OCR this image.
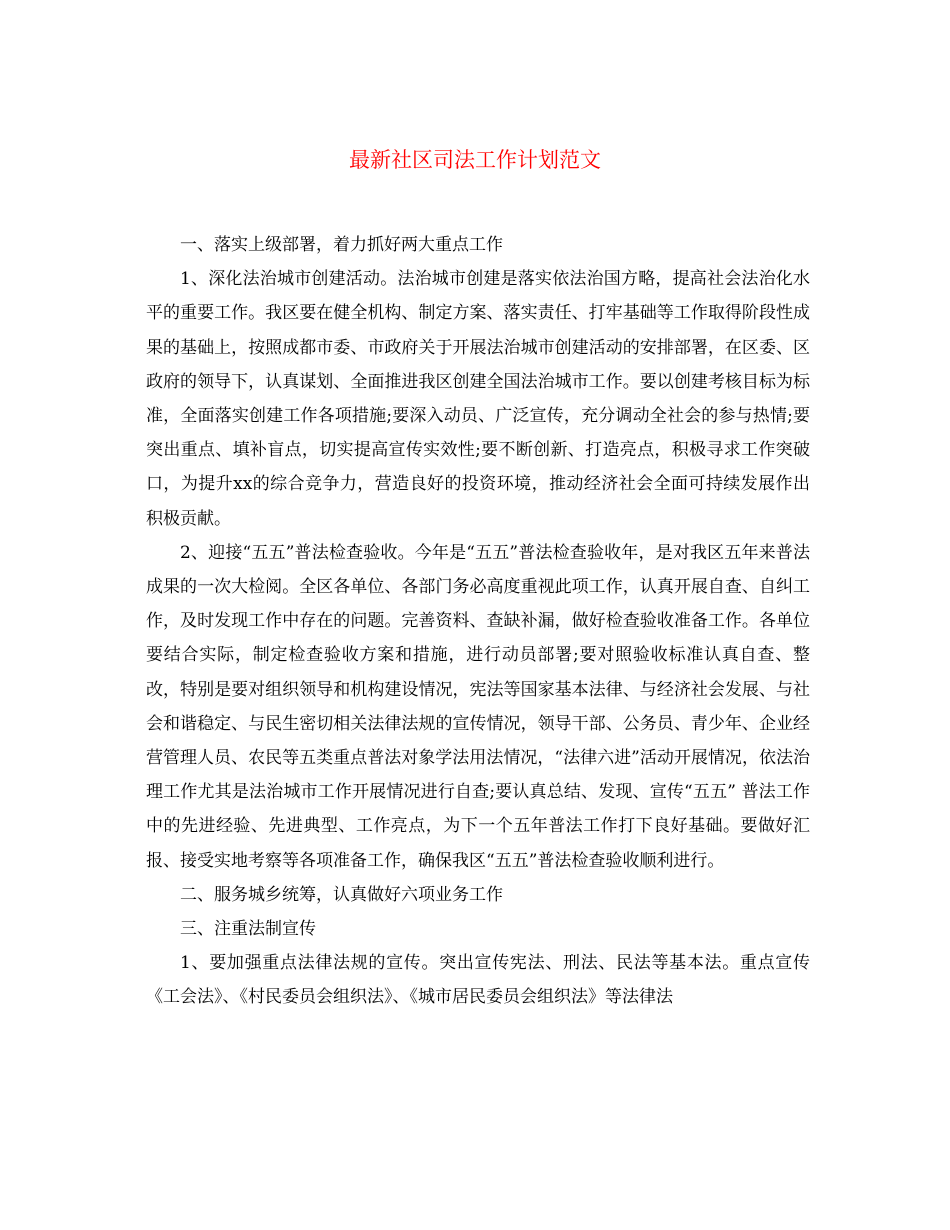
最新社区司法工作计划范文

一、落实上级部署，着力抓好两大重点工作

1、深化法治城市创建活动。法治城市创建是落实依法治国方略，提高社会法治化水平的重要工作。我区要在健全机构、制定方案、落实责任、打牢基础等工作取得阶段性成果的基础上，按照成都市委、市政府关于开展法治城市创建活动的安排部署，在区委、区政府的领导下，认真谋划、全面推进我区创建全国法治城市工作。要以创建考核目标为标准，全面落实创建工作各项措施;要深入动员、广泛宣传，充分调动全社会的参与热情;要突出重点、填补盲点，切实提高宣传实效性;要不断创新、打造亮点，积极寻求工作突破口，为提升xx的综合竞争力，营造良好的投资环境，推动经济社会全面可持续发展作出积极贡献。

2、迎接“五五”普法检查验收。今年是“五五”普法检查验收年，是对我区五年来普法成果的一次大检阅。全区各单位、各部门务必高度重视此项工作，认真开展自查、自纠工作，及时发现工作中存在的问题。完善资料、查缺补漏，做好检查验收准备工作。各单位要结合实际，制定检查验收方案和措施，进行动员部署;要对照验收标准认真自查、整改，特别是要对组织领导和机构建设情况，宪法等国家基本法律、与经济社会发展、与社会和谐稳定、与民生密切相关法律法规的宣传情况，领导干部、公务员、青少年、企业经营管理人员、农民等五类重点普法对象学法用法情况，“法律六进”活动开展情况，依法治理工作尤其是法治城市工作开展情况进行自查;要认真总结、发现、宣传“五五” 普法工作中的先进经验、先进典型、工作亮点，为下一个五年普法工作打下良好基础。要做好汇报、接受实地考察等各项准备工作，确保我区“五五”普法检查验收顺利进行。

二、服务城乡统筹，认真做好六项业务工作

三、注重法制宣传

1、要加强重点法律法规的宣传。突出宣传宪法、刑法、民法等基本法。重点宣传《工会法》、《村民委员会组织法》、《城市居民委员会组织法》等法律法
